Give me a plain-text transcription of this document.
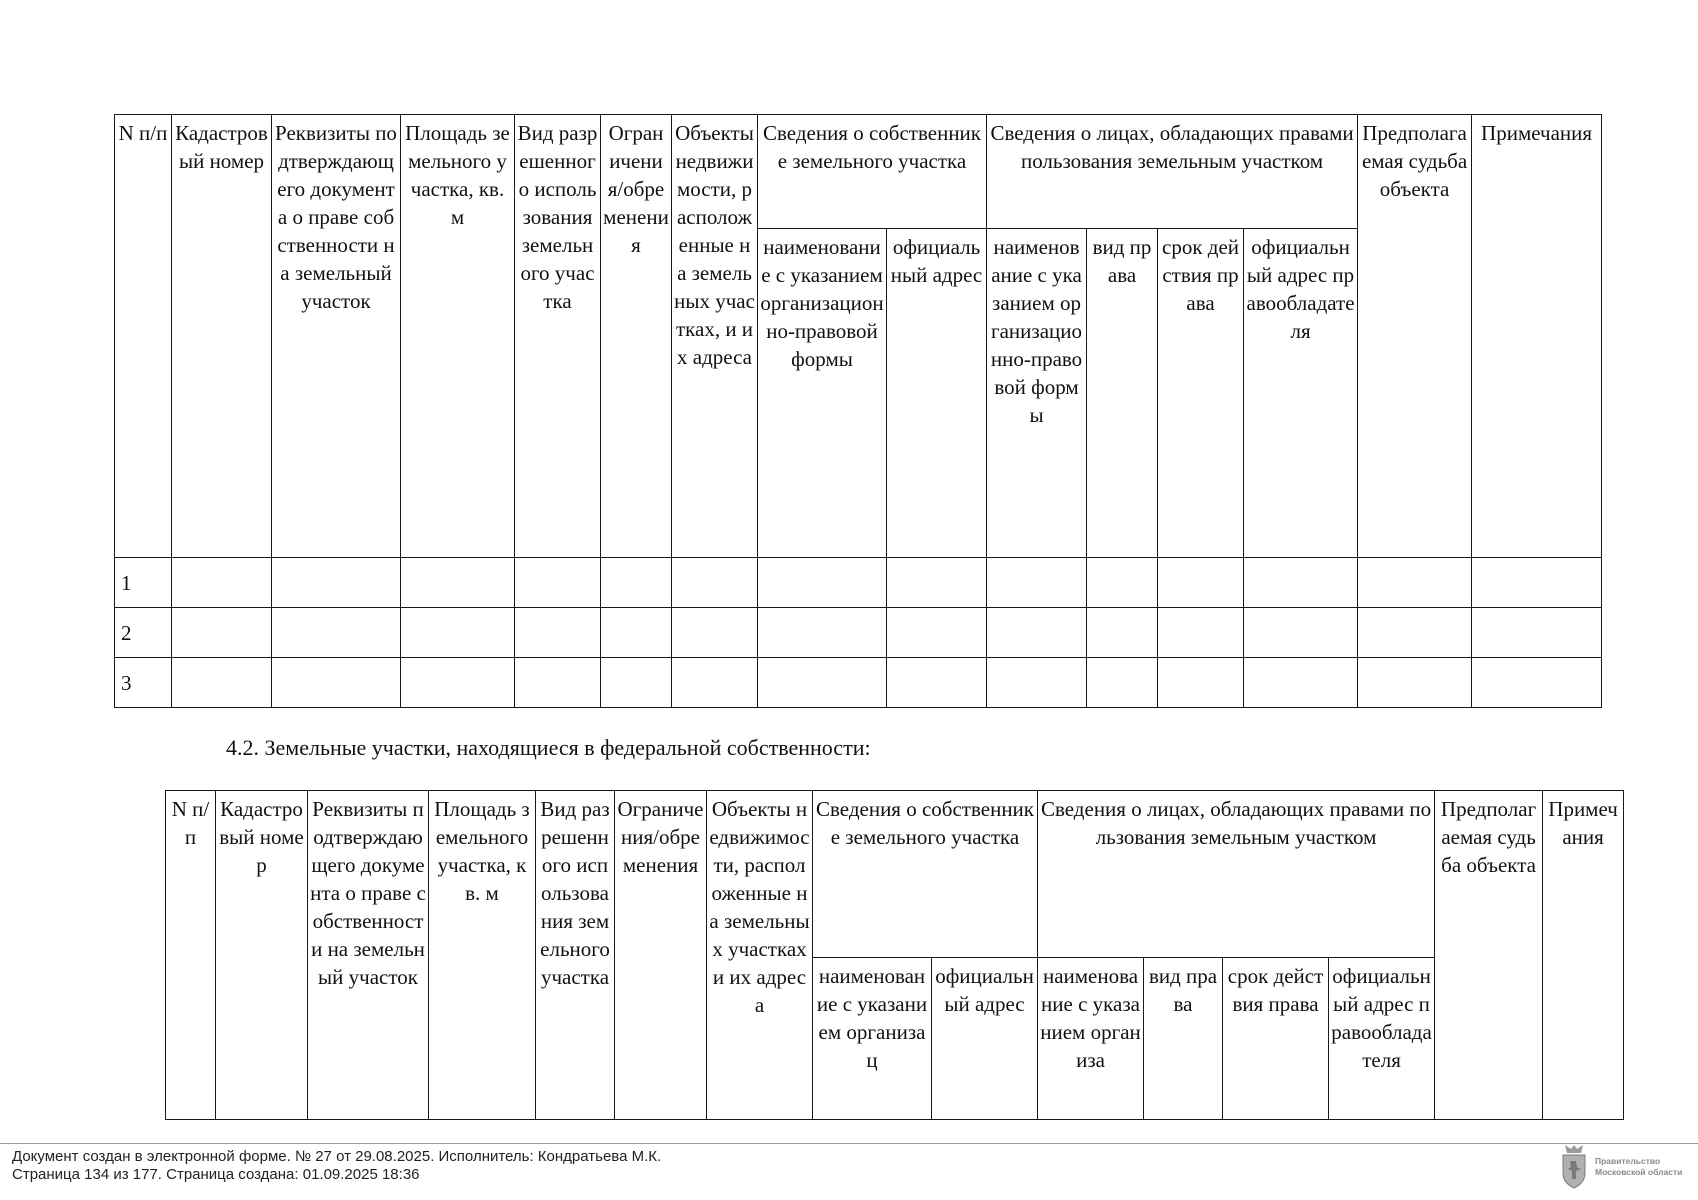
N п/п	Кадастровый номер	Реквизиты подтверждающего документа о праве собственности на земельный участок	Площадь земельного участка, кв. м	Вид разрешенного использования земельного участка	Ограничения/обременения	Объекты недвижимости, расположенные на земельных участках, и их адреса	Сведения о собственнике земельного участка		Сведения о лицах, обладающих правами пользования земельным участком				Предполагаемая судьба объекта	Примечания
							наименование с указанием организационно-правовой формы	официальный адрес	наименование с указанием организационно-правовой формы	вид права	срок действия права	официальный адрес правообладателя		
1														
2														
3														
4.2. Земельные участки, находящиеся в федеральной собственности:
N п/п	Кадастровый номер	Реквизиты подтверждающего документа о праве собственности на земельный участок	Площадь земельного участка, кв. м	Вид разрешенного использования земельного участка	Ограничения/обременения	Объекты недвижимости, расположенные на земельных участках и их адреса	Сведения о собственнике земельного участка		Сведения о лицах, обладающих правами пользования земельным участком				Предполагаемая судьба объекта	Примечания
							наименование с указанием организац	официальный адрес	наименование с указанием организа	вид права	срок действия права	официальный адрес правообладателя		
Документ создан в электронной форме. № 27 от 29.08.2025. Исполнитель: Кондратьева М.К.
Страница 134 из 177. Страница создана: 01.09.2025 18:36
Правительство
Московской области
